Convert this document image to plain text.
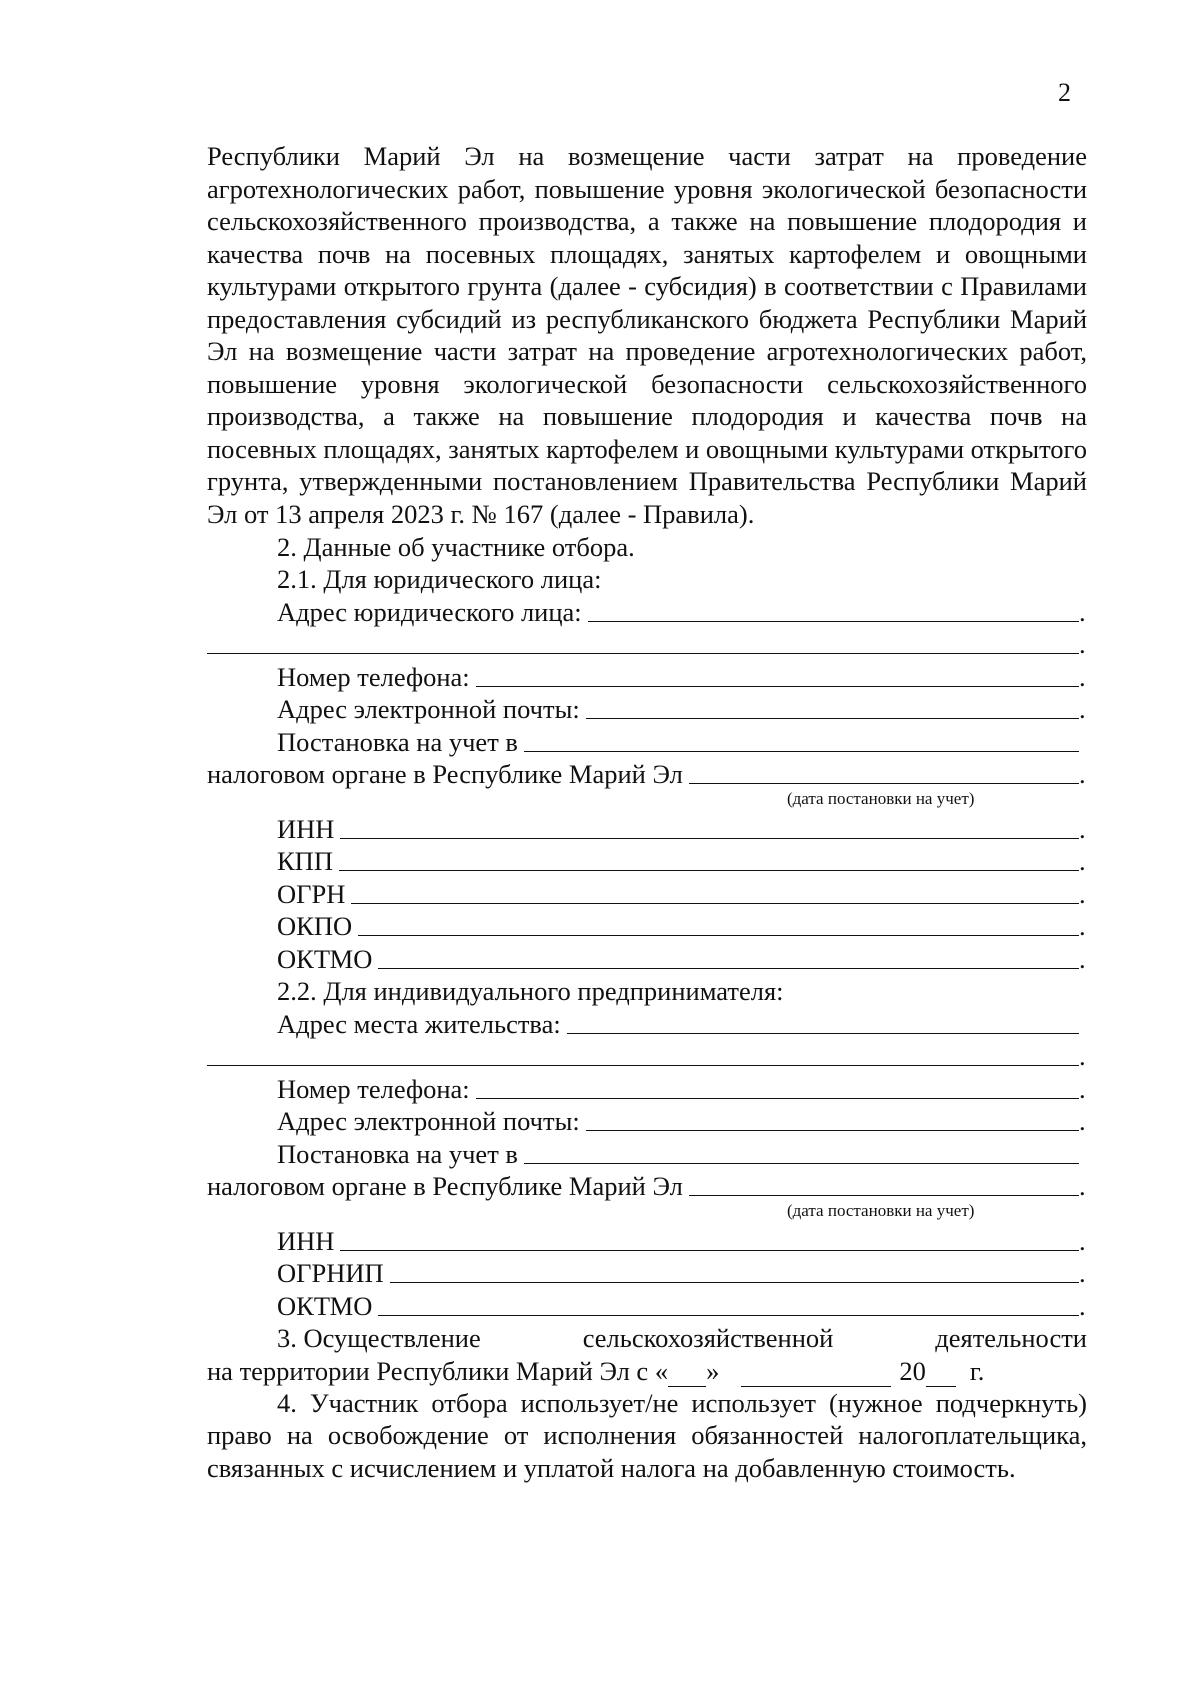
2

Республики Марий Эл на возмещение части затрат на проведение агротехнологических работ, повышение уровня экологической безопасности сельскохозяйственного производства, а также на повышение плодородия и качества почв на посевных площадях, занятых картофелем и овощными культурами открытого грунта (далее - субсидия) в соответствии с Правилами предоставления субсидий из республиканского бюджета Республики Марий Эл на возмещение части затрат на проведение агротехнологических работ, повышение уровня экологической безопасности сельскохозяйственного производства, а также на повышение плодородия и качества почв на посевных площадях, занятых картофелем и овощными культурами открытого грунта, утвержденными постановлением Правительства Республики Марий Эл от 13 апреля 2023 г. № 167 (далее - Правила).

2. Данные об участнике отбора.
2.1. Для юридического лица:
Адрес юридического лица:	.
.
Номер телефона:	.
Адрес электронной почты:	.
Постановка на учет в
налоговом органе в Республике Марий Эл	.
(дата постановки на учет)
ИНН	.
КПП	.
ОГРН	.
ОКПО	.
ОКТМО	.
2.2. Для индивидуального предпринимателя:
Адрес места жительства:
.
Номер телефона:	.
Адрес электронной почты:	.
Постановка на учет в
налоговом органе в Республике Марий Эл	.
(дата постановки на учет)
ИНН	.
ОГРНИП	.
ОКТМО	.
3. Осуществление	сельскохозяйственной	деятельности
на территории Республики Марий Эл с « »	20 г.

4. Участник отбора использует/не использует (нужное подчеркнуть) право на освобождение от исполнения обязанностей налогоплательщика, связанных с исчислением и уплатой налога на добавленную стоимость.
